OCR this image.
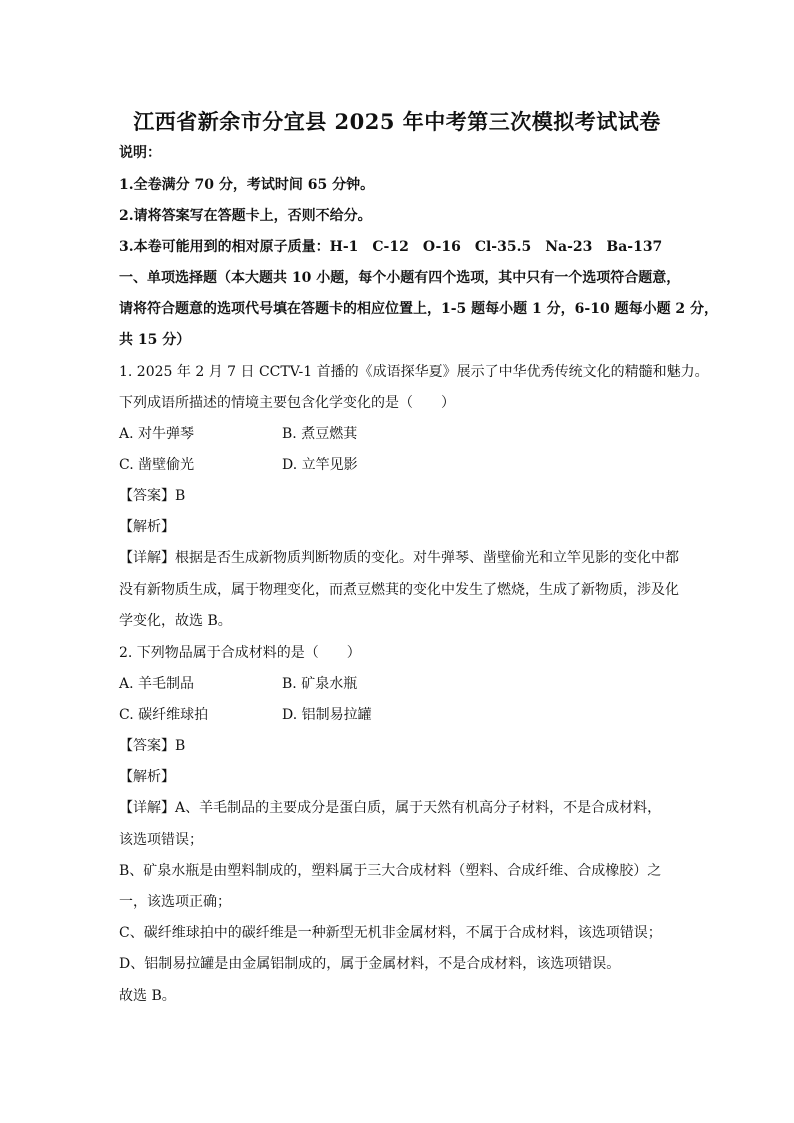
江西省新余市分宜县 2025 年中考第三次模拟考试试卷
说明：
1.全卷满分 70 分，考试时间 65 分钟。
2.请将答案写在答题卡上，否则不给分。
3.本卷可能用到的相对原子质量：H-1　C-12　O-16　Cl-35.5　Na-23　Ba-137
一、单项选择题（本大题共 10 小题，每个小题有四个选项，其中只有一个选项符合题意，
请将符合题意的选项代号填在答题卡的相应位置上，1-5 题每小题 1 分，6-10 题每小题 2 分，
共 15 分）
1. 2025 年 2 月 7 日 CCTV-1 首播的《成语探华夏》展示了中华优秀传统文化的精髓和魅力。
下列成语所描述的情境主要包含化学变化的是（　　）
A. 对牛弹琴	B. 煮豆燃萁
C. 凿壁偷光	D. 立竿见影
【答案】B
【解析】
【详解】根据是否生成新物质判断物质的变化。对牛弹琴、凿壁偷光和立竿见影的变化中都
没有新物质生成，属于物理变化，而煮豆燃萁的变化中发生了燃烧，生成了新物质，涉及化
学变化，故选 B。
2. 下列物品属于合成材料的是（　　）
A. 羊毛制品	B. 矿泉水瓶
C. 碳纤维球拍	D. 铝制易拉罐
【答案】B
【解析】
【详解】A、羊毛制品的主要成分是蛋白质，属于天然有机高分子材料，不是合成材料，
该选项错误；
B、矿泉水瓶是由塑料制成的，塑料属于三大合成材料（塑料、合成纤维、合成橡胶）之
一，该选项正确；
C、碳纤维球拍中的碳纤维是一种新型无机非金属材料，不属于合成材料，该选项错误；
D、铝制易拉罐是由金属铝制成的，属于金属材料，不是合成材料，该选项错误。
故选 B。
